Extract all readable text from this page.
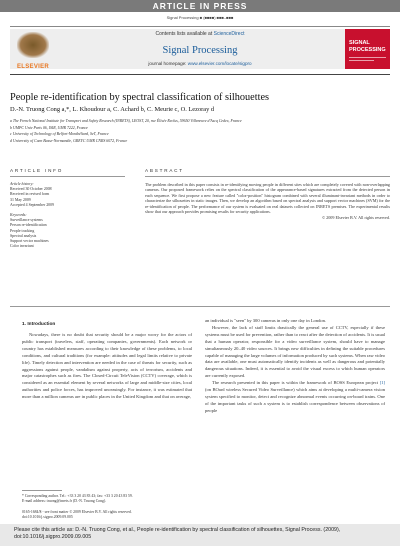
ARTICLE IN PRESS
Signal Processing ■ (■■■■) ■■■–■■■
ELSEVIER
Contents lists available at ScienceDirect
Signal Processing
journal homepage: www.elsevier.com/locate/sigpro
SIGNAL
PROCESSING
People re-identification by spectral classification of silhouettes
D.-N. Truong Cong a,*, L. Khoudour a, C. Achard b, C. Meurie c, O. Lezoray d
a The French National Institute for Transport and Safety Research (INRETS), LEOST, 20, rue Élisée Reclus, 59650 Villeneuve d'Ascq Cedex, France
b UMPC Univ Paris 06, ISIR, UMR 7222, France
c University of Technology of Belfort-Montbéliard, SeT, France
d University of Caen Basse-Normandie, GREYC UMR CNRS 6072, France
ARTICLE INFO	ABSTRACT
Article history:
Received 30 October 2008
Received in revised form
31 May 2009
Accepted 4 September 2009
Keywords:
Surveillance systems
Person re-identification
People tracking
Spectral analysis
Support vector machines
Color invariant
The problem described in this paper consists in re-identifying moving people in different sites which are completely covered with non-overlapping cameras. Our proposed framework relies on the spectral classification of the appearance-based signatures extracted from the detected person in each sequence. We first propose a new feature called "color-position" histogram combined with several illuminant-invariant methods in order to characterize the silhouettes in static images. Then, we develop an algorithm based on spectral analysis and support vector machines (SVM) for the re-identification of people. The performance of our system is evaluated on real datasets collected on INRETS premises. The experimental results show that our approach provides promising results for security applications.
© 2009 Elsevier B.V. All rights reserved.
1. Introduction

Nowadays, there is no doubt that security should be a major worry for the actors of public transport (travelers, staff, operating companies, governments). Each network or country has established measures according to their knowledge of these problems, to local conditions, and cultural traditions (for example: attitudes and legal limits relative to private life). Timely detection and intervention are needed in the case of threats for security, such as aggressions against people, vandalism against property, acts of terrorism, accidents and major catastrophes such as fires. The Closed-Circuit TeleVision (CCTV) coverage, which is considered as an essential element by several networks of large and middle-size cities, local authorities and police forces, has improved unceasingly. For instance, it was estimated that more than a million cameras are in public places in the United Kingdom and that on average,

an individual is "seen" by 300 cameras in only one day in London.

However, the lack of staff limits drastically the general use of CCTV, especially if these systems must be used for prevention, rather than to react after the detection of accidents. It is usual that a human operator, responsible for a video surveillance system, should have to manage simultaneously 20–40 video sources. It brings new difficulties in defining the suitable procedures capable of managing the large volumes of information produced by such systems. When raw video data are available, one must automatically identify incidents as well as dangerous and potentially dangerous situations. Indeed, it is essential to avoid the visual excess to which human operators are currently exposed.

The research presented in this paper is within the framework of BOSS European project [1] (on BOard wireless Secured Video Surveillance) which aims at developing a multi-camera vision system specified to monitor, detect and recognize abnormal events occurring on-board trains. One of the important tasks of such a system is to establish correspondence between observations of people

* Corresponding author. Tel.: +33 3 20 43 83 43; fax: +33 3 20 43 83 59.
E-mail address: truong@inrets.fr (D.-N. Truong Cong).
0165-1684/$ - see front matter © 2009 Elsevier B.V. All rights reserved.
doi:10.1016/j.sigpro.2009.09.005
Please cite this article as: D.-N. Truong Cong, et al., People re-identification by spectral classification of silhouettes, Signal Process. (2009), doi:10.1016/j.sigpro.2009.09.005
